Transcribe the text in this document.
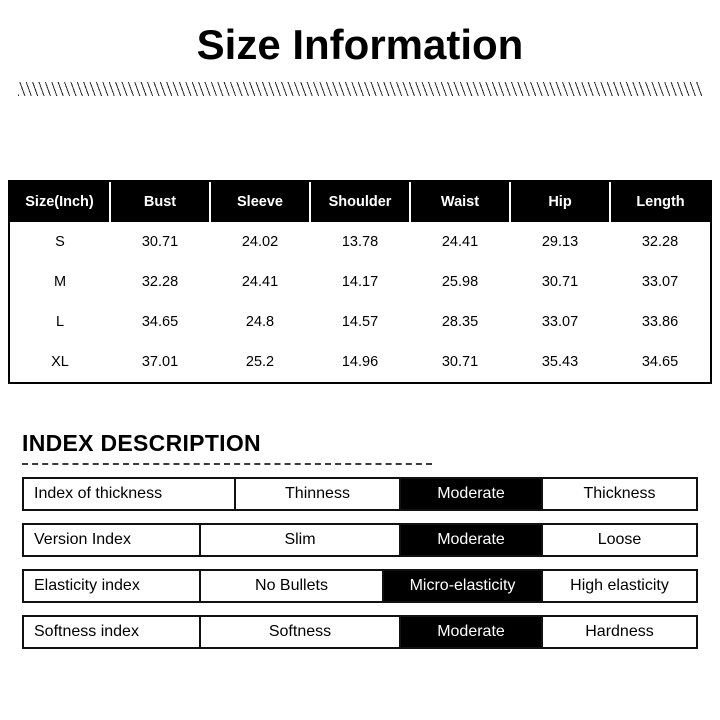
Size Information
Size(Inch)	Bust	Sleeve	Shoulder	Waist	Hip	Length
S	30.71	24.02	13.78	24.41	29.13	32.28
M	32.28	24.41	14.17	25.98	30.71	33.07
L	34.65	24.8	14.57	28.35	33.07	33.86
XL	37.01	25.2	14.96	30.71	35.43	34.65
INDEX DESCRIPTION
Index of thickness	Thinness	Moderate	Thickness
Version Index	Slim	Moderate	Loose
Elasticity index	No Bullets	Micro-elasticity	High elasticity
Softness index	Softness	Moderate	Hardness
